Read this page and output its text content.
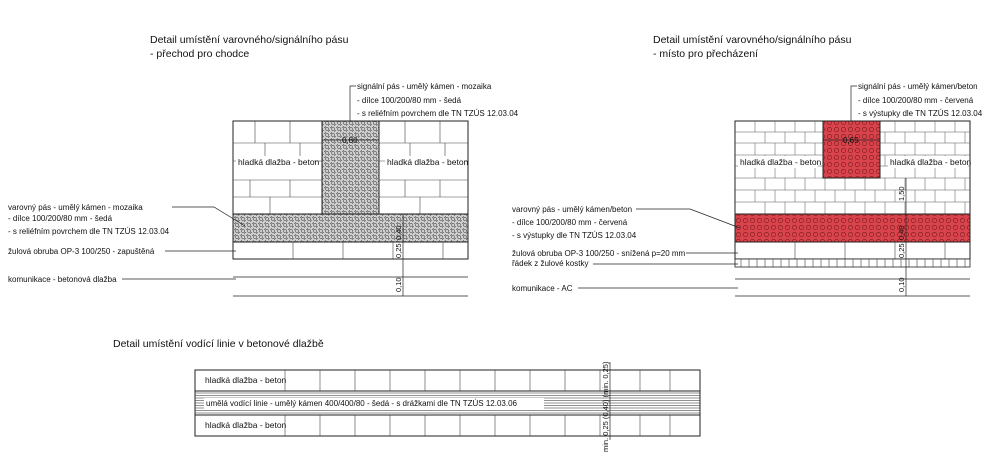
Detail umístění varovného/signálního pásu
- přechod pro chodce
0,80
hladká dlažba - beton	hladká dlažba - beton
signální pás - umělý kámen - mozaika
- dílce 100/200/80 mm - šedá
- s reliéfním povrchem dle TN TZÚS 12.03.04
varovný pás - umělý kámen - mozaika
- dílce 100/200/80 mm - šedá
- s reliéfním povrchem dle TN TZÚS 12.03.04
žulová obruba OP-3 100/250 - zapuštěná
komunikace - betonová dlažba
0,40
0,25
0,10
Detail umístění varovného/signálního pásu
- místo pro přecházení
0,65
hladká dlažba - beton	hladká dlažba - beton
signální pás - umělý kámen/beton
- dílce 100/200/80 mm - červená
- s výstupky dle TN TZÚS 12.03.04
varovný pás - umělý kámen/beton
- dílce 100/200/80 mm - červená
- s výstupky dle TN TZÚS 12.03.04
žulová obruba OP-3 100/250 - snížená p=20 mm
řádek z žulové kostky
komunikace - AC
1,50
0,40
0,25
0,10
Detail umístění vodící linie v betonové dlažbě
hladká dlažba - beton
umělá vodící linie - umělý kámen 400/400/80 - šedá - s drážkami dle TN TZÚS 12.03.06
hladká dlažba - beton	min. 0,25 (0,40) (min. 0,25)
